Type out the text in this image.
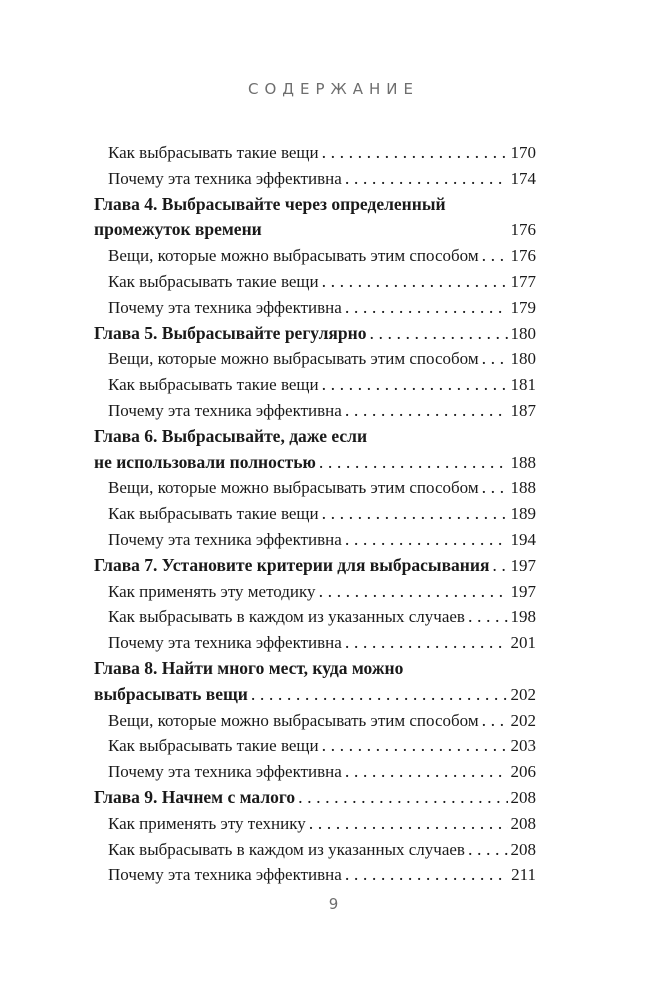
СОДЕРЖАНИЕ
Как выбрасывать такие вещи . . .	170
Почему эта техника эффективна . . .	174
Глава 4. Выбрасывайте через определенный
промежуток времени	176
Вещи, которые можно выбрасывать этим способом . . . 176
Как выбрасывать такие вещи . . .	177
Почему эта техника эффективна . . .	179
Глава 5. Выбрасывайте регулярно . . .	180
Вещи, которые можно выбрасывать этим способом . . . 180
Как выбрасывать такие вещи . . .	181
Почему эта техника эффективна . . .	187
Глава 6. Выбрасывайте, даже если
не использовали полностью . . .	188
Вещи, которые можно выбрасывать этим способом . . . 188
Как выбрасывать такие вещи . . .	189
Почему эта техника эффективна . . .	194
Глава 7. Установите критерии для выбрасывания . . . 197
Как применять эту методику . . .	197
Как выбрасывать в каждом из указанных случаев . . .	198
Почему эта техника эффективна . . .	201
Глава 8. Найти много мест, куда можно
выбрасывать вещи . . .	202
Вещи, которые можно выбрасывать этим способом . . . 202
Как выбрасывать такие вещи . . .	203
Почему эта техника эффективна . . .	206
Глава 9. Начнем с малого . . .	208
Как применять эту технику . . .	208
Как выбрасывать в каждом из указанных случаев . . .	208
Почему эта техника эффективна . . .	211
9
